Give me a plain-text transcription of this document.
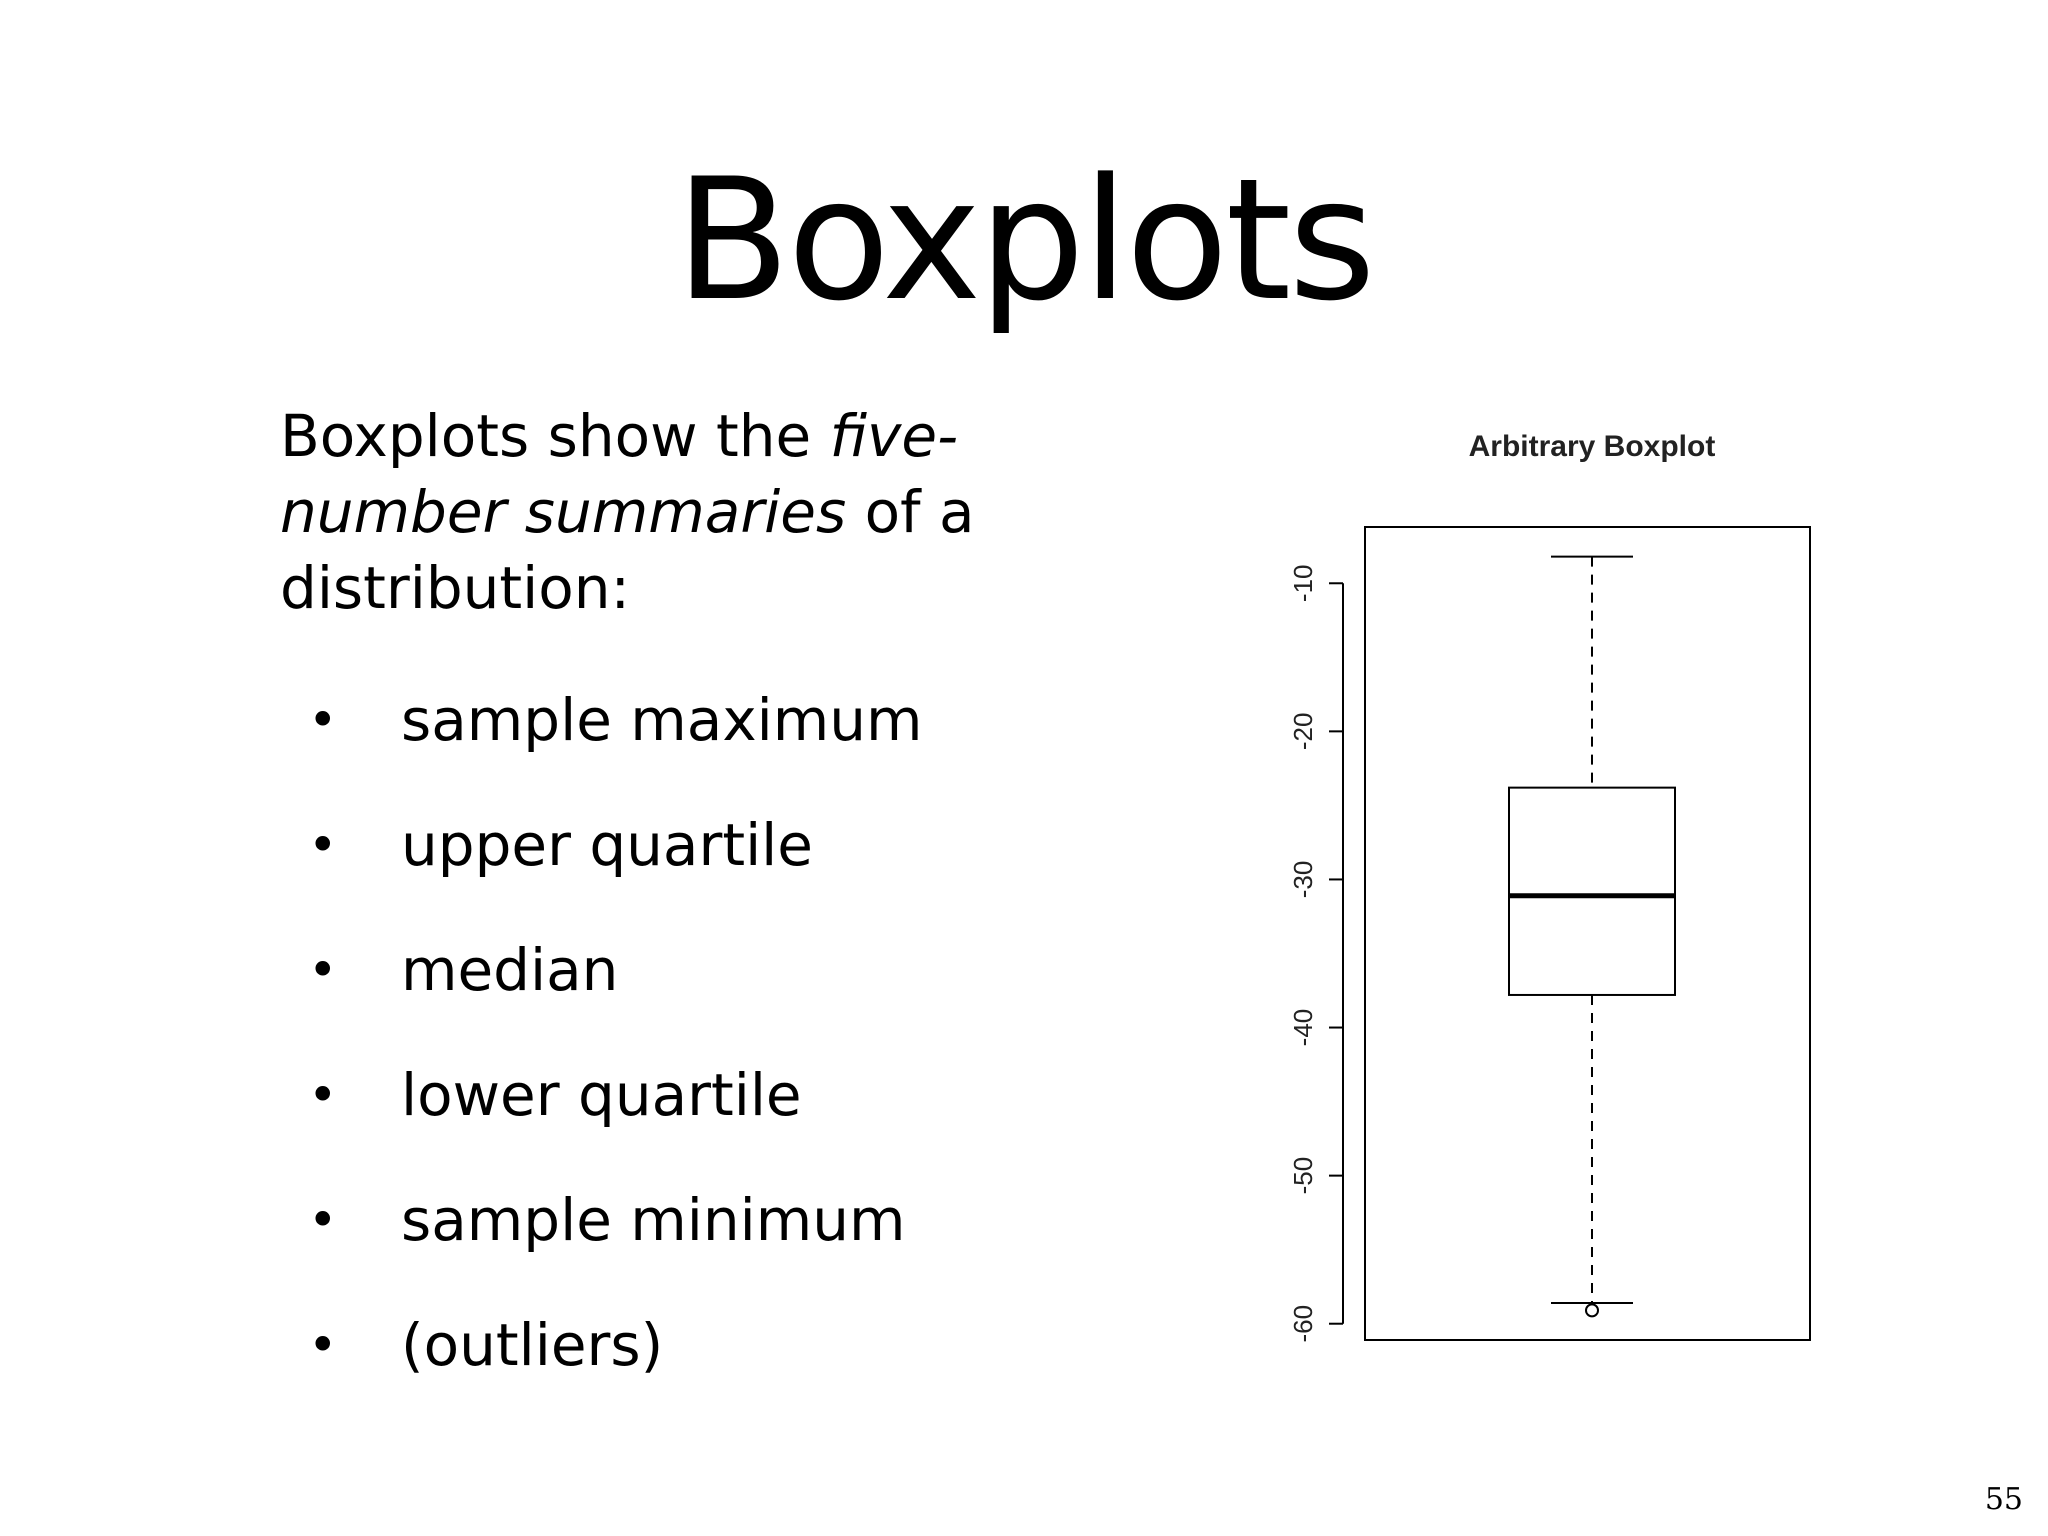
Boxplots

Boxplots show the five-
number summaries of a
distribution:

• sample maximum
• upper quartile
• median
• lower quartile
• sample minimum
• (outliers)
Arbitrary Boxplot
-10
-20
-30
-40
-50
-60
55
